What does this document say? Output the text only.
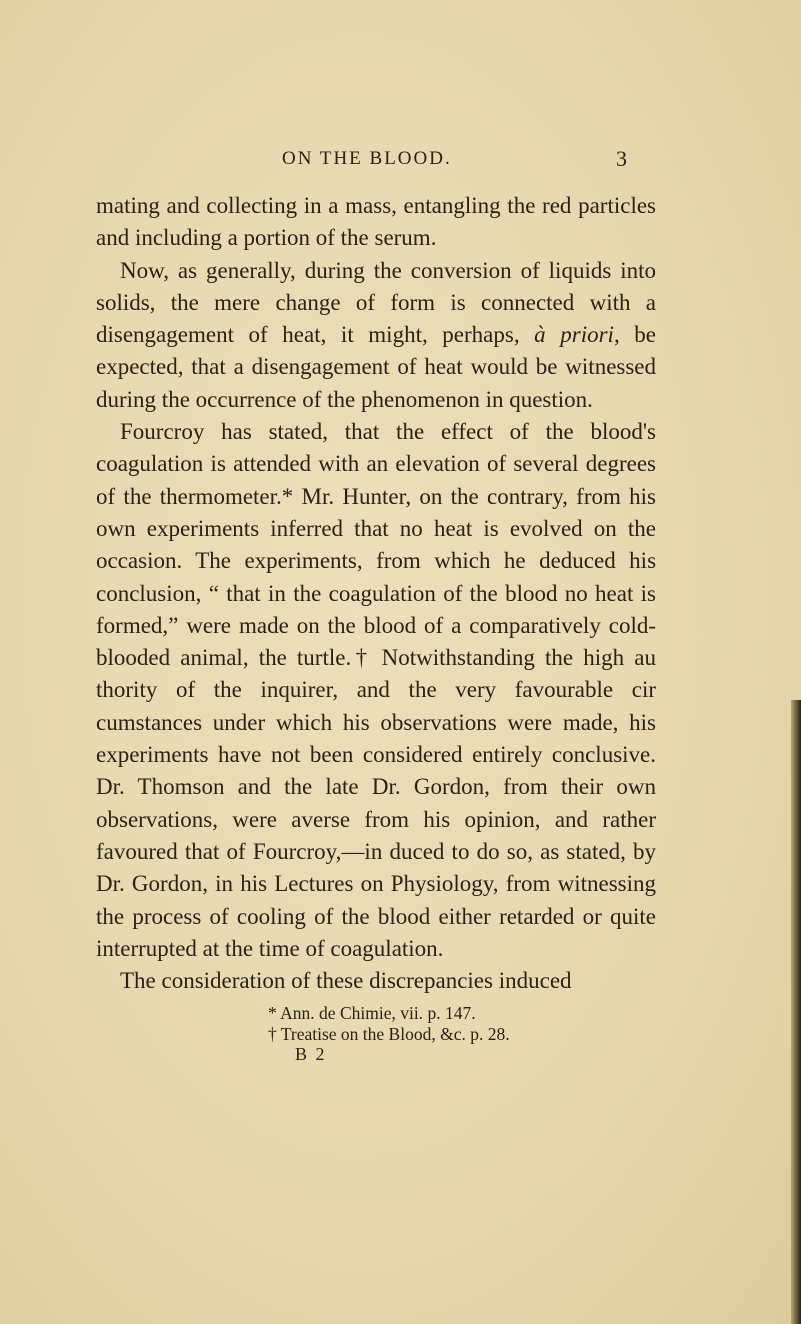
ON THE BLOOD.	3

mating and collecting in a mass, entangling the red particles and including a portion of the serum.

Now, as generally, during the conversion of liquids into solids, the mere change of form is connected with a disengagement of heat, it might, perhaps, à priori, be expected, that a disengagement of heat would be witnessed during the occurrence of the phenomenon in question.

Fourcroy has stated, that the effect of the blood's coagulation is attended with an elevation of several degrees of the thermometer.* Mr. Hunter, on the contrary, from his own experiments inferred that no heat is evolved on the occasion. The experiments, from which he deduced his conclusion, “ that in the coagulation of the blood no heat is formed,” were made on the blood of a comparatively cold-blooded animal, the turtle.† Notwithstanding the high au thority of the inquirer, and the very favourable cir cumstances under which his observations were made, his experiments have not been considered entirely conclusive. Dr. Thomson and the late Dr. Gordon, from their own observations, were averse from his opinion, and rather favoured that of Fourcroy,—in duced to do so, as stated, by Dr. Gordon, in his Lectures on Physiology, from witnessing the process of cooling of the blood either retarded or quite interrupted at the time of coagulation.

The consideration of these discrepancies induced

* Ann. de Chimie, vii. p. 147.
† Treatise on the Blood, &c. p. 28.
B 2
